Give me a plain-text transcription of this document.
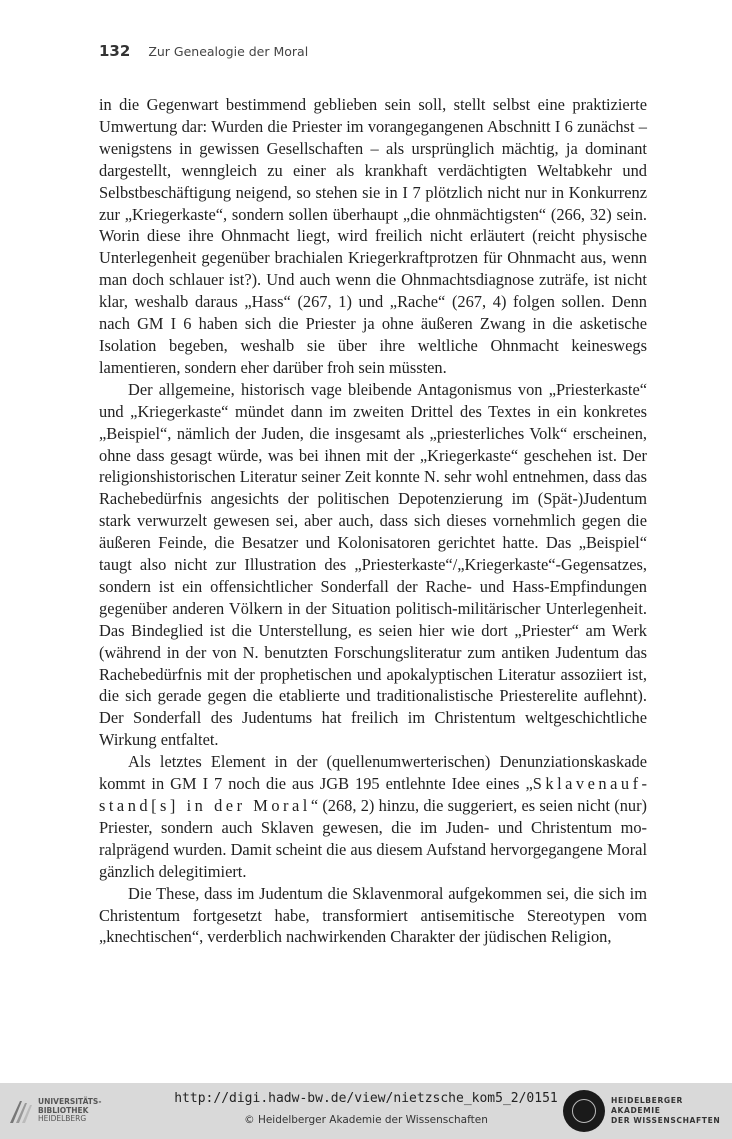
132 Zur Genealogie der Moral

in die Gegenwart bestimmend geblieben sein soll, stellt selbst eine praktizierte Umwertung dar: Wurden die Priester im vorangegangenen Abschnitt I 6 zunächst – wenigstens in gewissen Gesellschaften – als ursprünglich mächtig, ja dominant dargestellt, wenngleich zu einer als krankhaft verdächtigten Weltabkehr und Selbstbeschäftigung neigend, so stehen sie in I 7 plötzlich nicht nur in Konkurrenz zur „Kriegerkaste“, sondern sollen überhaupt „die ohnmächtigsten“ (266, 32) sein. Worin diese ihre Ohnmacht liegt, wird freilich nicht erläutert (reicht physische Unterlegenheit gegenüber brachialen Kriegerkraftprotzen für Ohnmacht aus, wenn man doch schlauer ist?). Und auch wenn die Ohnmachtsdiagnose zuträfe, ist nicht klar, weshalb daraus „Hass“ (267, 1) und „Rache“ (267, 4) folgen sollen. Denn nach GM I 6 haben sich die Priester ja ohne äußeren Zwang in die asketische Isolation begeben, weshalb sie über ihre weltliche Ohnmacht keineswegs lamentieren, sondern eher darüber froh sein müssten.

Der allgemeine, historisch vage bleibende Antagonismus von „Priesterkaste“ und „Kriegerkaste“ mündet dann im zweiten Drittel des Textes in ein konkretes „Beispiel“, nämlich der Juden, die insgesamt als „priesterliches Volk“ erscheinen, ohne dass gesagt würde, was bei ihnen mit der „Kriegerkaste“ geschehen ist. Der religionshistorischen Literatur seiner Zeit konnte N. sehr wohl entnehmen, dass das Rachebedürfnis angesichts der politischen Depotenzierung im (Spät-)Judentum stark verwurzelt gewesen sei, aber auch, dass sich dieses vornehmlich gegen die äußeren Feinde, die Besatzer und Kolonisatoren gerichtet hatte. Das „Beispiel“ taugt also nicht zur Illustration des „Priesterkaste“/„Kriegerkaste“-Gegensatzes, sondern ist ein offensichtlicher Sonderfall der Rache- und Hass-Empfindungen gegenüber anderen Völkern in der Situation politisch-militärischer Unterlegenheit. Das Bindeglied ist die Unterstellung, es seien hier wie dort „Priester“ am Werk (während in der von N. benutzten Forschungsliteratur zum antiken Judentum das Rachebedürfnis mit der prophetischen und apokalyptischen Literatur assoziiert ist, die sich gerade gegen die etablierte und traditionalistische Priesterelite auflehnt). Der Sonderfall des Judentums hat freilich im Christentum weltgeschichtliche Wirkung entfaltet.

Als letztes Element in der (quellenumwerterischen) Denunziationskaskade kommt in GM I 7 noch die aus JGB 195 entlehnte Idee eines „Sklavenaufstand[s] in der Moral“ (268, 2) hinzu, die suggeriert, es seien nicht (nur) Priester, sondern auch Sklaven gewesen, die im Juden- und Christentum moralprägend wurden. Damit scheint die aus diesem Aufstand hervorgegangene Moral gänzlich delegitimiert.

Die These, dass im Judentum die Sklavenmoral aufgekommen sei, die sich im Christentum fortgesetzt habe, transformiert antisemitische Stereotypen vom „knechtischen“, verderblich nachwirkenden Charakter der jüdischen Religion,

UNIVERSITÄTS-
BIBLIOTHEK
HEIDELBERG
http://digi.hadw-bw.de/view/nietzsche_kom5_2/0151
© Heidelberger Akademie der Wissenschaften
HEIDELBERGER AKADEMIE
DER WISSENSCHAFTEN
